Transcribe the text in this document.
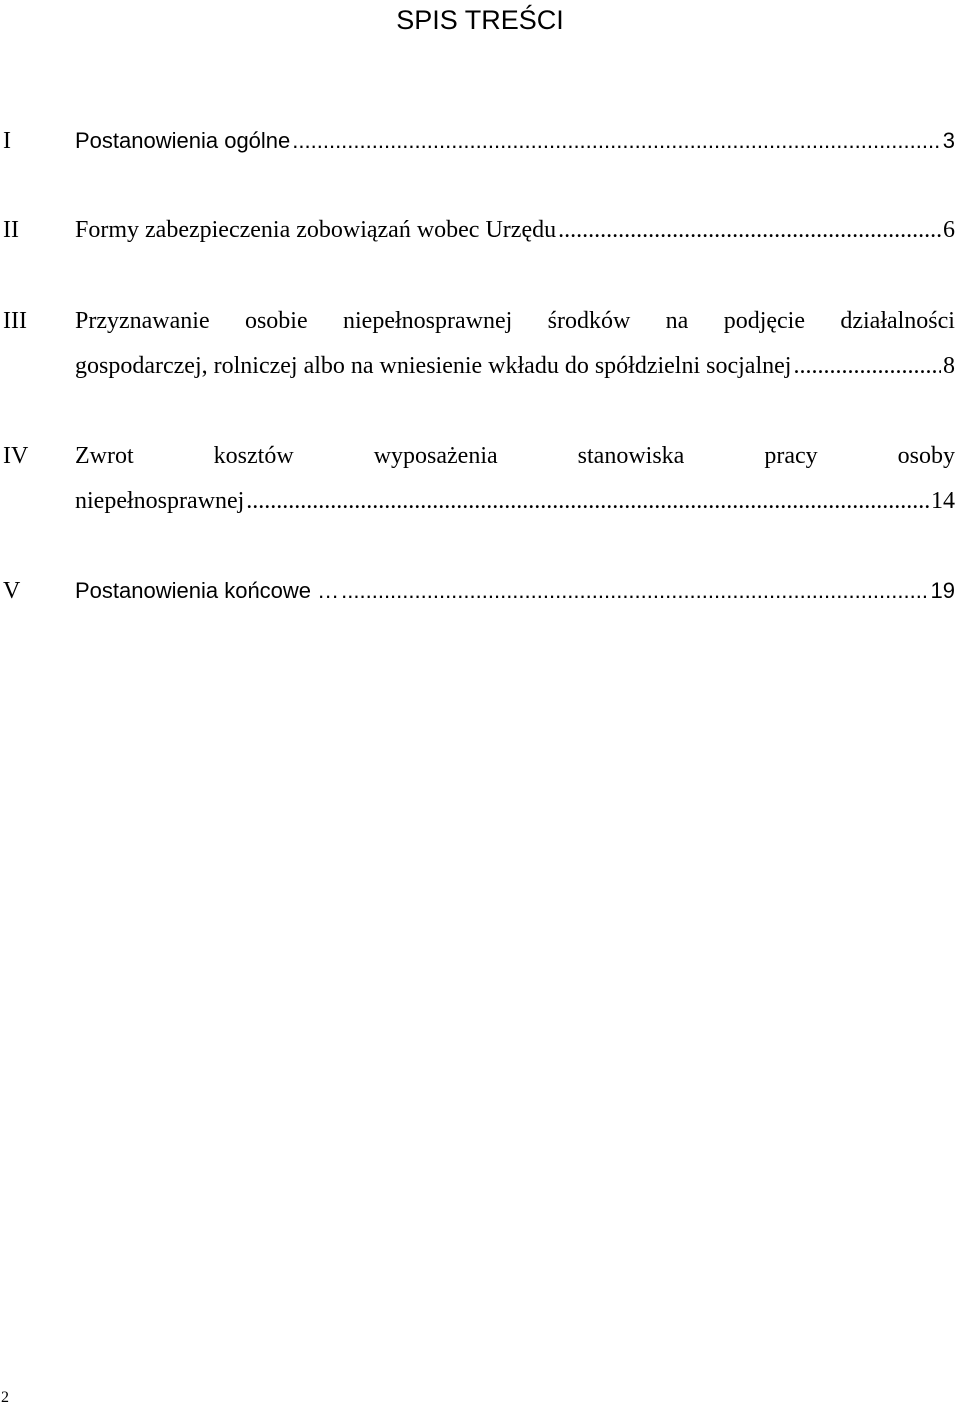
SPIS TREŚCI
I	Postanowienia ogólne .....	3
II Formy zabezpieczenia zobowiązań wobec Urzędu .....	6
III Przyznawanie osobie niepełnosprawnej środków na podjęcie działalności
gospodarczej, rolniczej albo na wniesienie wkładu do spółdzielni socjalnej .....	8
IV Zwrot	kosztów	wyposażenia	stanowiska	pracy	osoby
niepełnosprawnej .....	14
V Postanowienia końcowe … .....	19
2
